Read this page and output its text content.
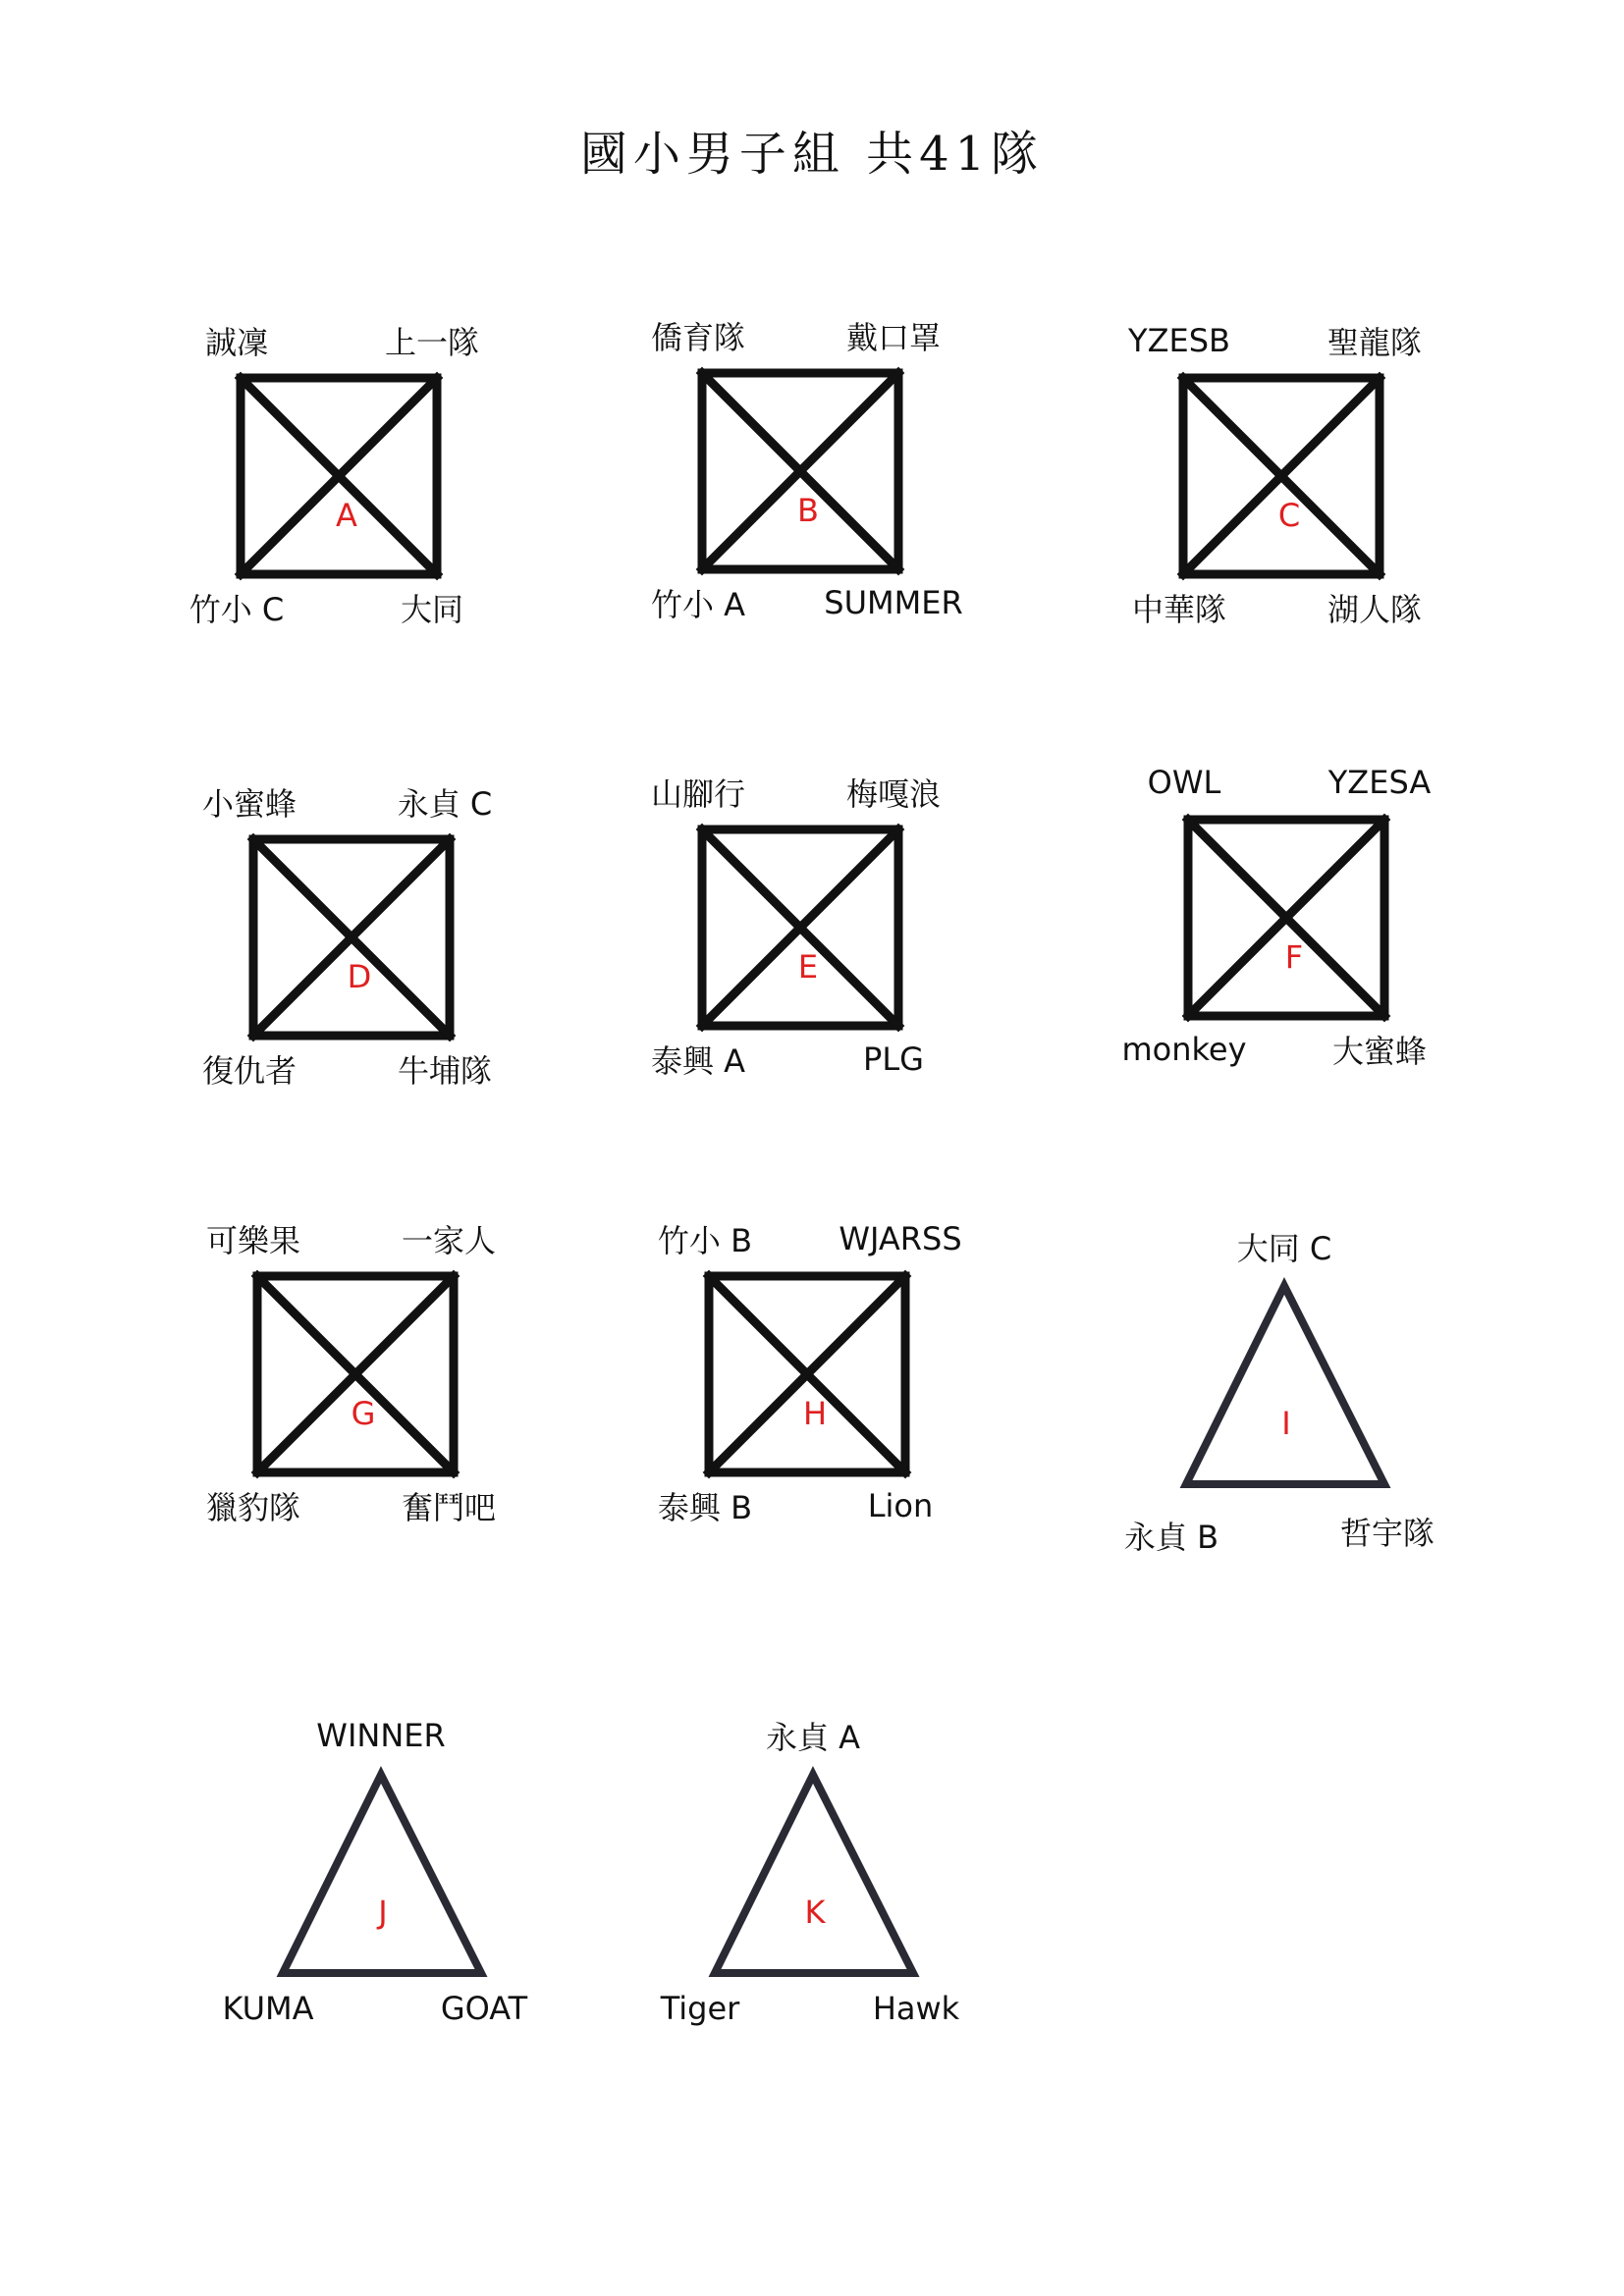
國小男子組 共41隊
誠凜	上一隊
竹小 C	大同
A
僑育隊	戴口罩
竹小 A	SUMMER
B
YZESB	聖龍隊
中華隊	湖人隊
C
小蜜蜂	永貞 C
復仇者	牛埔隊
D
山腳行	梅嘎浪
泰興 A	PLG
E
OWL	YZESA
monkey	大蜜蜂
F
可樂果	一家人
獵豹隊	奮鬥吧
G
竹小 B	WJARSS
泰興 B	Lion
H
大同 C
永貞 B	哲宇隊
I
WINNER
KUMA	GOAT
J
永貞 A
Tiger	Hawk
K
